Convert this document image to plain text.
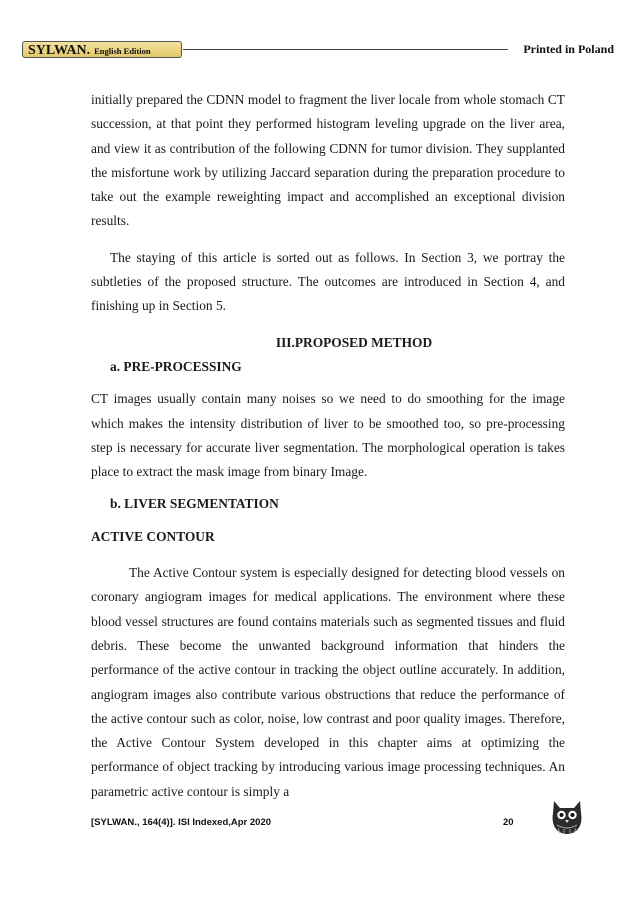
SYLWAN. English Edition	Printed in Poland

initially prepared the CDNN model to fragment the liver locale from whole stomach CT succession, at that point they performed histogram leveling upgrade on the liver area, and view it as contribution of the following CDNN for tumor division. They supplanted the misfortune work by utilizing Jaccard separation during the preparation procedure to take out the example reweighting impact and accomplished an exceptional division results.

The staying of this article is sorted out as follows. In Section 3, we portray the subtleties of the proposed structure. The outcomes are introduced in Section 4, and finishing up in Section 5.

III.PROPOSED METHOD
a. PRE-PROCESSING

CT images usually contain many noises so we need to do smoothing for the image which makes the intensity distribution of liver to be smoothed too, so pre-processing step is necessary for accurate liver segmentation. The morphological operation is takes place to extract the mask image from binary Image.

b. LIVER SEGMENTATION
ACTIVE CONTOUR

The Active Contour system is especially designed for detecting blood vessels on coronary angiogram images for medical applications. The environment where these blood vessel structures are found contains materials such as segmented tissues and fluid debris. These become the unwanted background information that hinders the performance of the active contour in tracking the object outline accurately. In addition, angiogram images also contribute various obstructions that reduce the performance of the active contour such as color, noise, low contrast and poor quality images. Therefore, the Active Contour System developed in this chapter aims at optimizing the performance of object tracking by introducing various image processing techniques. An parametric active contour is simply a

[SYLWAN., 164(4)]. ISI Indexed,Apr 2020	20
